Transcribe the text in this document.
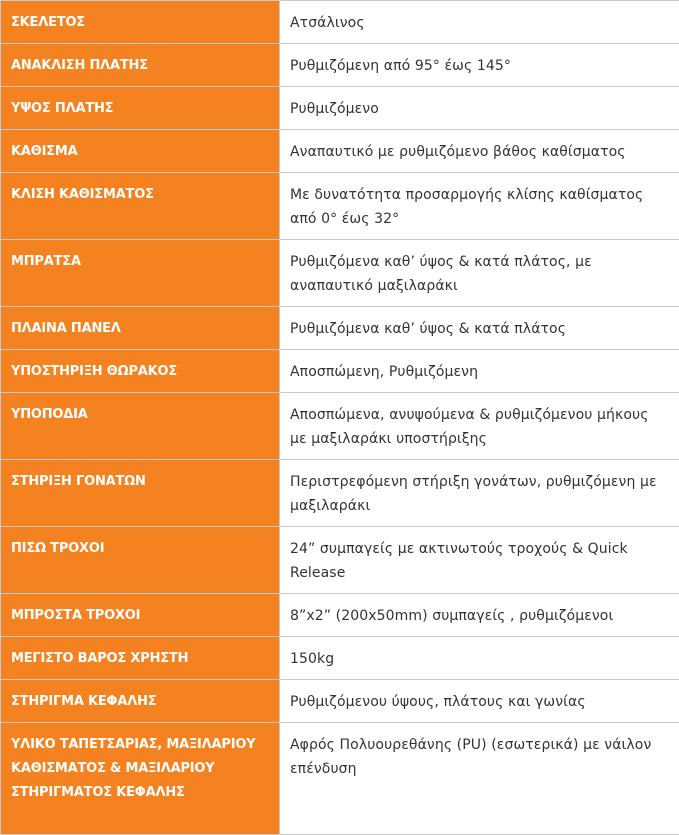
ΣΚΕΛΕΤΟΣ	Ατσάλινος
ΑΝΑΚΛΙΣΗ ΠΛΑΤΗΣ	Ρυθμιζόμενη από 95° έως 145°
ΥΨΟΣ ΠΛΑΤΗΣ	Ρυθμιζόμενο
ΚΑΘΙΣΜΑ	Αναπαυτικό με ρυθμιζόμενο βάθος καθίσματος
ΚΛΙΣΗ ΚΑΘΙΣΜΑΤΟΣ	Με δυνατότητα προσαρμογής κλίσης καθίσματος από 0° έως 32°
ΜΠΡΑΤΣΑ	Ρυθμιζόμενα καθ’ ύψος & κατά πλάτος, με αναπαυτικό μαξιλαράκι
ΠΛΑΙΝΑ ΠΑΝΕΛ	Ρυθμιζόμενα καθ’ ύψος & κατά πλάτος
ΥΠΟΣΤΗΡΙΞΗ ΘΩΡΑΚΟΣ	Αποσπώμενη, Ρυθμιζόμενη
ΥΠΟΠΟΔΙΑ	Αποσπώμενα, ανυψούμενα & ρυθμιζόμενου μήκους με μαξιλαράκι υποστήριξης
ΣΤΗΡΙΞΗ ΓΟΝΑΤΩΝ	Περιστρεφόμενη στήριξη γονάτων, ρυθμιζόμενη με μαξιλαράκι
ΠΙΣΩ ΤΡΟΧΟΙ	24” συμπαγείς με ακτινωτούς τροχούς & Quick Release
ΜΠΡΟΣΤΑ ΤΡΟΧΟΙ	8”x2” (200x50mm) συμπαγείς , ρυθμιζόμενοι
ΜΕΓΙΣΤΟ ΒΑΡΟΣ ΧΡΗΣΤΗ	150kg
ΣΤΗΡΙΓΜΑ ΚΕΦΑΛΗΣ	Ρυθμιζόμενου ύψους, πλάτους και γωνίας
ΥΛΙΚΟ ΤΑΠΕΤΣΑΡΙΑΣ, ΜΑΞΙΛΑΡΙΟΥ ΚΑΘΙΣΜΑΤΟΣ & ΜΑΞΙΛΑΡΙΟΥ ΣΤΗΡΙΓΜΑΤΟΣ ΚΕΦΑΛΗΣ	Αφρός Πολυουρεθάνης (PU) (εσωτερικά) με νάιλον επένδυση
